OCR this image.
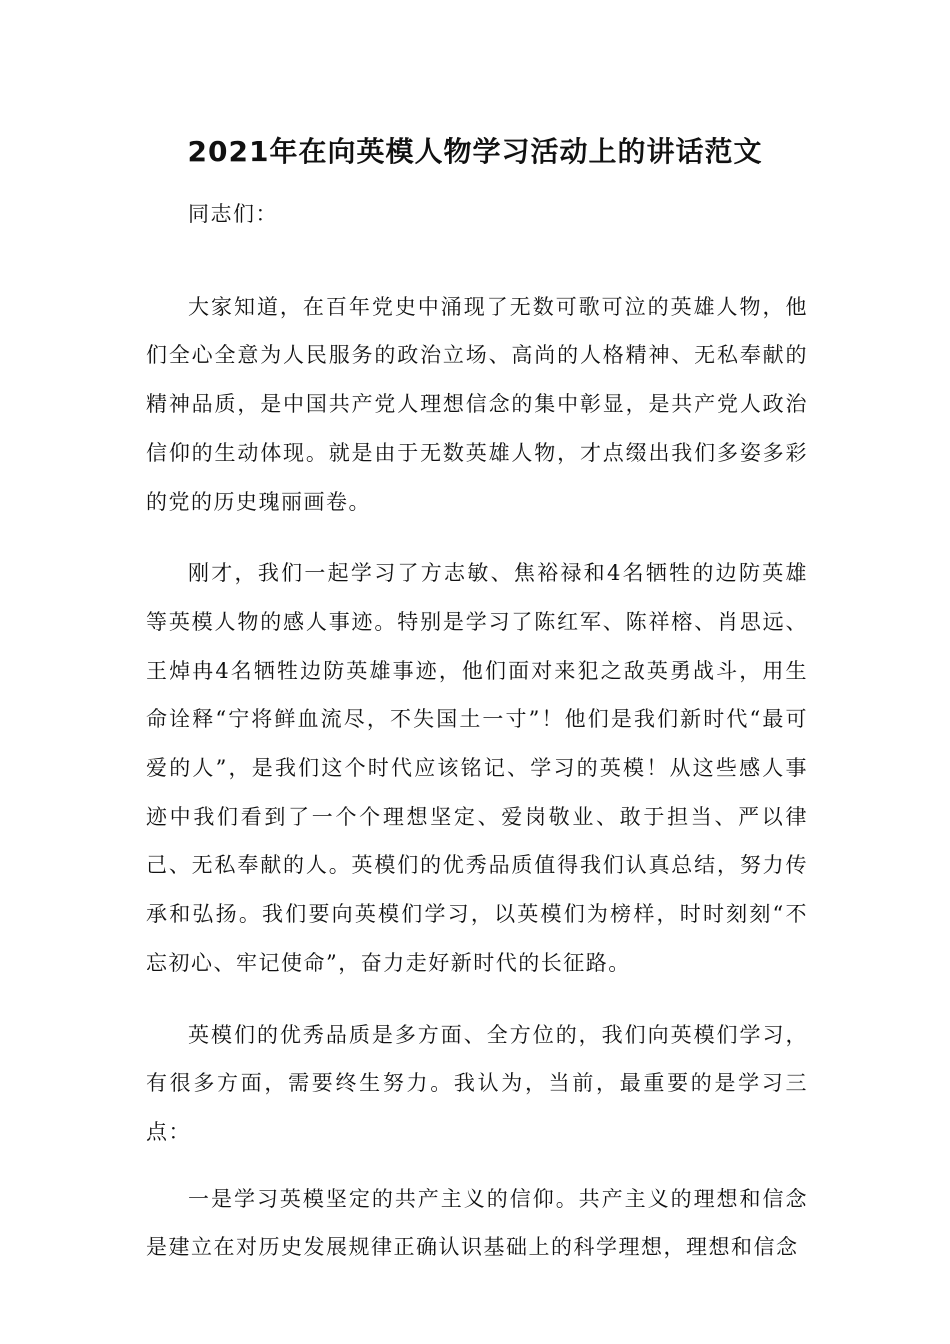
2021年在向英模人物学习活动上的讲话范文

同志们：

大家知道，在百年党史中涌现了无数可歌可泣的英雄人物，他们全心全意为人民服务的政治立场、高尚的人格精神、无私奉献的精神品质，是中国共产党人理想信念的集中彰显，是共产党人政治信仰的生动体现。就是由于无数英雄人物，才点缀出我们多姿多彩的党的历史瑰丽画卷。

刚才，我们一起学习了方志敏、焦裕禄和4名牺牲的边防英雄等英模人物的感人事迹。特别是学习了陈红军、陈祥榕、肖思远、王焯冉4名牺牲边防英雄事迹，他们面对来犯之敌英勇战斗，用生命诠释“宁将鲜血流尽，不失国土一寸”！他们是我们新时代“最可爱的人”，是我们这个时代应该铭记、学习的英模！从这些感人事迹中我们看到了一个个理想坚定、爱岗敬业、敢于担当、严以律己、无私奉献的人。英模们的优秀品质值得我们认真总结，努力传承和弘扬。我们要向英模们学习，以英模们为榜样，时时刻刻“不忘初心、牢记使命”，奋力走好新时代的长征路。

英模们的优秀品质是多方面、全方位的，我们向英模们学习，有很多方面，需要终生努力。我认为，当前，最重要的是学习三点：

一是学习英模坚定的共产主义的信仰。共产主义的理想和信念是建立在对历史发展规律正确认识基础上的科学理想，理想和信念
